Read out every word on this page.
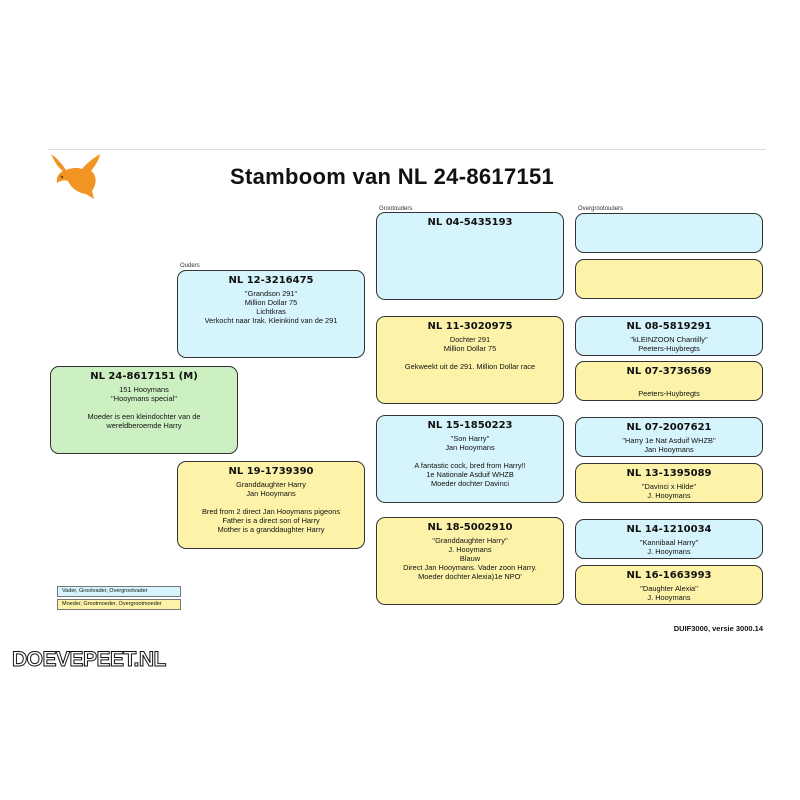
Stamboom van NL 24-8617151
Ouders
Grootouders	Overgrootouders
NL 24-8617151 (M)
151 Hooymans
''Hooymans special''
Moeder is een kleindochter van de
wereldberoemde Harry
NL 12-3216475
''Grandson 291''
Million Dollar 75
Lichtkras
Verkocht naar Irak. Kleinkind van de 291
NL 19-1739390
Granddaughter Harry
Jan Hooymans
Bred from 2 direct Jan Hooymans pigeons
Father is a direct son of Harry
Mother is a granddaughter Harry
NL 04-5435193
NL 11-3020975
Dochter 291
Million Dollar 75
Gekweekt uit de 291. Million Dollar race
NL 15-1850223
''Son Harry''
Jan Hooymans
A fantastic cock, bred from Harry!!
1e Nationale Asduif WHZB
Moeder dochter Davinci
NL 18-5002910
''Granddaughter Harry''
J. Hooymans
Blauw
Direct Jan Hooymans. Vader zoon Harry.
Moeder dochter Alexia)1e NPO'
NL 08-5819291
''kLEINZOON Chantilly''
Peeters-Huybregts
NL 07-3736569
Peeters-Huybregts
NL 07-2007621
''Harry 1e Nat Asduif WHZB''
Jan Hooymans
NL 13-1395089
''Davinci x Hilde''
J. Hooymans
NL 14-1210034
''Kannibaal Harry''
J. Hooymans
NL 16-1663993
''Daughter Alexia''
J. Hooymans
Vader, Grootvader, Overgrootvader
Moeder, Grootmoeder, Overgrootmoeder
DUIF3000, versie 3000.14
DOEVEPEET.NL
